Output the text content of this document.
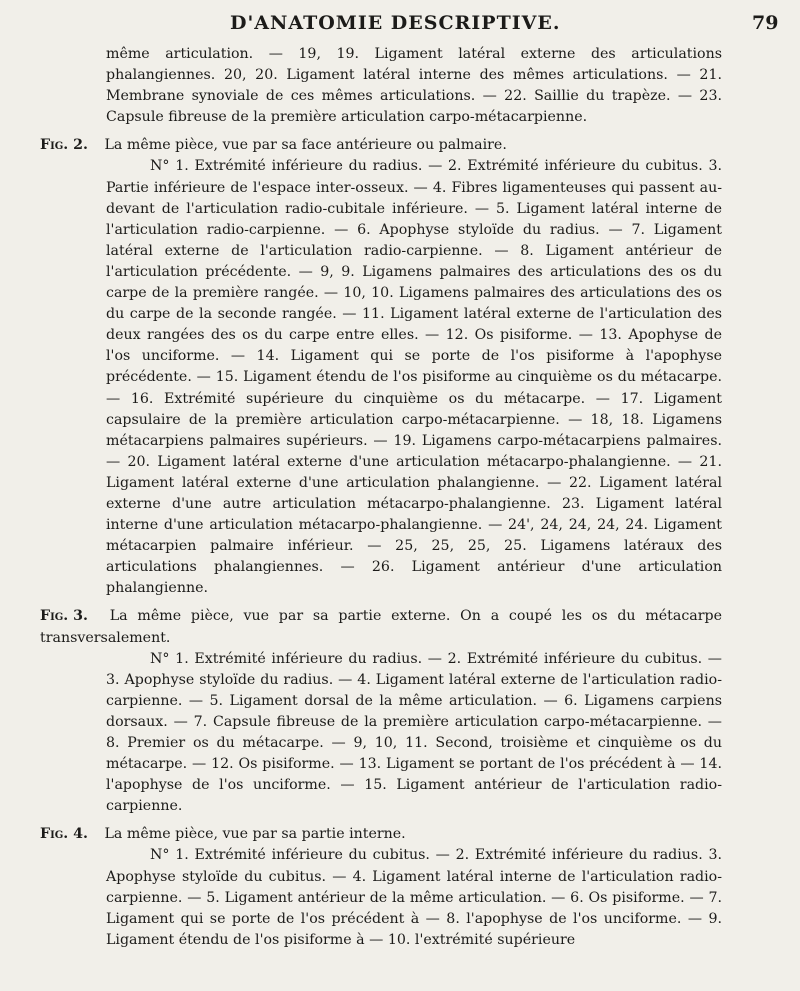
D'ANATOMIE DESCRIPTIVE.	79

même articulation. — 19, 19. Ligament latéral externe des articulations phalangiennes. 20, 20. Ligament latéral interne des mêmes articulations. — 21. Membrane synoviale de ces mêmes articulations. — 22. Saillie du trapèze. — 23. Capsule fibreuse de la première articulation carpo-métacarpienne.

Fig. 2. La même pièce, vue par sa face antérieure ou palmaire.

N° 1. Extrémité inférieure du radius. — 2. Extrémité inférieure du cubitus. 3. Partie inférieure de l'espace inter-osseux. — 4. Fibres ligamenteuses qui passent au-devant de l'articulation radio-cubitale inférieure. — 5. Ligament latéral interne de l'articulation radio-carpienne. — 6. Apophyse styloïde du radius. — 7. Ligament latéral externe de l'articulation radio-carpienne. — 8. Ligament antérieur de l'articulation précédente. — 9, 9. Ligamens palmaires des articulations des os du carpe de la première rangée. — 10, 10. Ligamens palmaires des articulations des os du carpe de la seconde rangée. — 11. Ligament latéral externe de l'articulation des deux rangées des os du carpe entre elles. — 12. Os pisiforme. — 13. Apophyse de l'os unciforme. — 14. Ligament qui se porte de l'os pisiforme à l'apophyse précédente. — 15. Ligament étendu de l'os pisiforme au cinquième os du métacarpe. — 16. Extrémité supérieure du cinquième os du métacarpe. — 17. Ligament capsulaire de la première articulation carpo-métacarpienne. — 18, 18. Ligamens métacarpiens palmaires supérieurs. — 19. Ligamens carpo-métacarpiens palmaires. — 20. Ligament latéral externe d'une articulation métacarpo-phalangienne. — 21. Ligament latéral externe d'une articulation phalangienne. — 22. Ligament latéral externe d'une autre articulation métacarpo-phalangienne. 23. Ligament latéral interne d'une articulation métacarpo-phalangienne. — 24', 24, 24, 24, 24. Ligament métacarpien palmaire inférieur. — 25, 25, 25, 25. Ligamens latéraux des articulations phalangiennes. — 26. Ligament antérieur d'une articulation phalangienne.

Fig. 3. La même pièce, vue par sa partie externe. On a coupé les os du métacarpe transversalement.

N° 1. Extrémité inférieure du radius. — 2. Extrémité inférieure du cubitus. — 3. Apophyse styloïde du radius. — 4. Ligament latéral externe de l'articulation radio-carpienne. — 5. Ligament dorsal de la même articulation. — 6. Ligamens carpiens dorsaux. — 7. Capsule fibreuse de la première articulation carpo-métacarpienne. — 8. Premier os du métacarpe. — 9, 10, 11. Second, troisième et cinquième os du métacarpe. — 12. Os pisiforme. — 13. Ligament se portant de l'os précédent à — 14. l'apophyse de l'os unciforme. — 15. Ligament antérieur de l'articulation radio-carpienne.

Fig. 4. La même pièce, vue par sa partie interne.

N° 1. Extrémité inférieure du cubitus. — 2. Extrémité inférieure du radius. 3. Apophyse styloïde du cubitus. — 4. Ligament latéral interne de l'articulation radio-carpienne. — 5. Ligament antérieur de la même articulation. — 6. Os pisiforme. — 7. Ligament qui se porte de l'os précédent à — 8. l'apophyse de l'os unciforme. — 9. Ligament étendu de l'os pisiforme à — 10. l'extrémité supérieure
